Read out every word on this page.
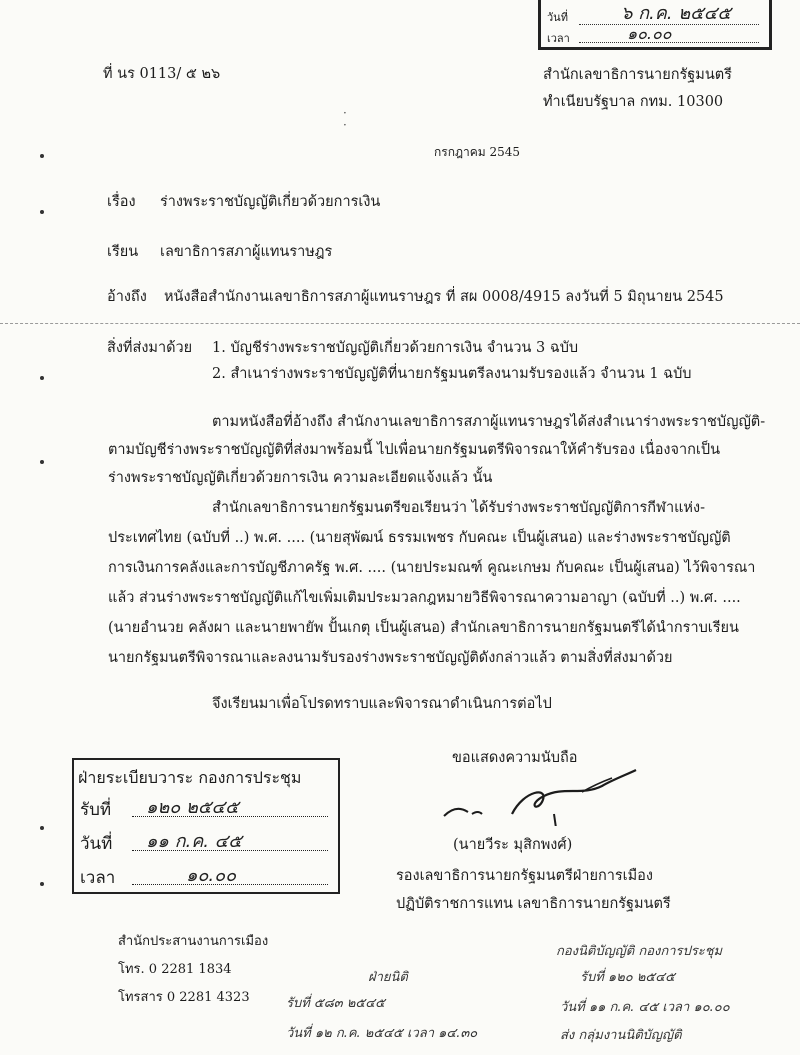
วันที่	๖ ก.ค. ๒๕๔๕
เวลา	๑๐.๐๐
ที่ นร 0113/ ๕ ๒๖	สำนักเลขาธิการนายกรัฐมนตรี
ทำเนียบรัฐบาล กทม. 10300
·
·
กรกฎาคม 2545
เรื่อง ร่างพระราชบัญญัติเกี่ยวด้วยการเงิน
เรียน เลขาธิการสภาผู้แทนราษฎร
อ้างถึง หนังสือสำนักงานเลขาธิการสภาผู้แทนราษฎร ที่ สผ 0008/4915 ลงวันที่ 5 มิถุนายน 2545
สิ่งที่ส่งมาด้วย 1. บัญชีร่างพระราชบัญญัติเกี่ยวด้วยการเงิน จำนวน 3 ฉบับ
2. สำเนาร่างพระราชบัญญัติที่นายกรัฐมนตรีลงนามรับรองแล้ว จำนวน 1 ฉบับ
ตามหนังสือที่อ้างถึง สำนักงานเลขาธิการสภาผู้แทนราษฎรได้ส่งสำเนาร่างพระราชบัญญัติ-
ตามบัญชีร่างพระราชบัญญัติที่ส่งมาพร้อมนี้ ไปเพื่อนายกรัฐมนตรีพิจารณาให้คำรับรอง เนื่องจากเป็น
ร่างพระราชบัญญัติเกี่ยวด้วยการเงิน ความละเอียดแจ้งแล้ว นั้น
สำนักเลขาธิการนายกรัฐมนตรีขอเรียนว่า ได้รับร่างพระราชบัญญัติการกีฬาแห่ง-
ประเทศไทย (ฉบับที่ ..) พ.ศ. .... (นายสุพัฒน์ ธรรมเพชร กับคณะ เป็นผู้เสนอ) และร่างพระราชบัญญัติ
การเงินการคลังและการบัญชีภาครัฐ พ.ศ. .... (นายประมณฑ์ คูณะเกษม กับคณะ เป็นผู้เสนอ) ไว้พิจารณา
แล้ว ส่วนร่างพระราชบัญญัติแก้ไขเพิ่มเติมประมวลกฎหมายวิธีพิจารณาความอาญา (ฉบับที่ ..) พ.ศ. ....
(นายอำนวย คลังผา และนายพายัพ ปั้นเกตุ เป็นผู้เสนอ) สำนักเลขาธิการนายกรัฐมนตรีได้นำกราบเรียน
นายกรัฐมนตรีพิจารณาและลงนามรับรองร่างพระราชบัญญัติดังกล่าวแล้ว ตามสิ่งที่ส่งมาด้วย
จึงเรียนมาเพื่อโปรดทราบและพิจารณาดำเนินการต่อไป
ขอแสดงความนับถือ
(นายวีระ มุสิกพงศ์)
รองเลขาธิการนายกรัฐมนตรีฝ่ายการเมือง
ปฏิบัติราชการแทน เลขาธิการนายกรัฐมนตรี
ฝ่ายระเบียบวาระ กองการประชุม
รับที่ ๑๒๐ ๒๕๔๕
วันที่ ๑๑ ก.ค. ๔๕
เวลา	๑๐.๐๐
สำนักประสานงานการเมือง
โทร. 0 2281 1834
โทรสาร 0 2281 4323
ฝ่ายนิติ
รับที่ ๕๘๓ ๒๕๔๕
วันที่ ๑๒ ก.ค. ๒๕๔๕ เวลา ๑๔.๓๐
กองนิติบัญญัติ กองการประชุม
รับที่ ๑๒๐ ๒๕๔๕
วันที่ ๑๑ ก.ค. ๔๕ เวลา ๑๐.๐๐
ส่ง กลุ่มงานนิติบัญญัติ
